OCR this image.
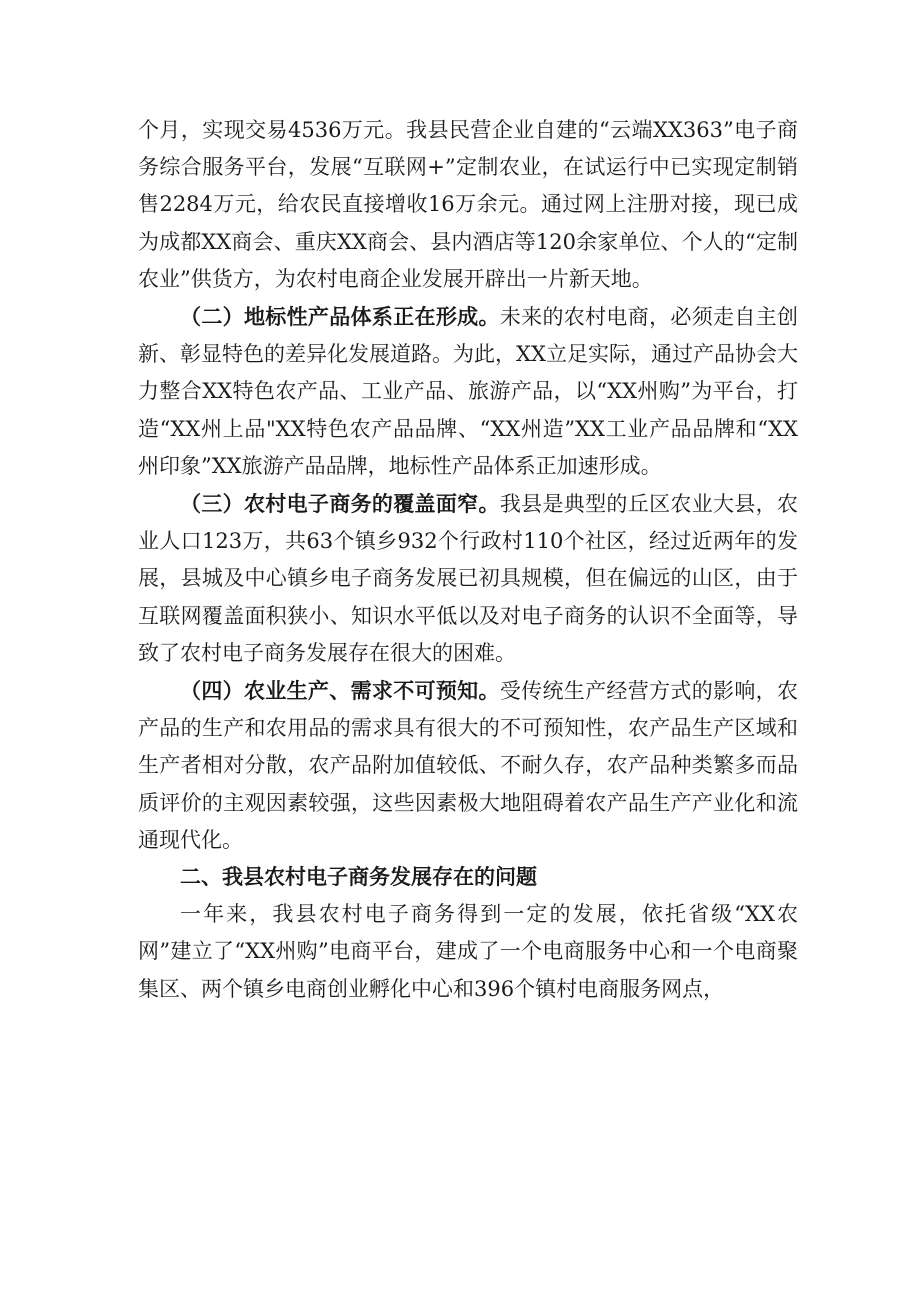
个月，实现交易4536万元。我县民营企业自建的“云端XX363”电子商务综合服务平台，发展“互联网+”定制农业，在试运行中已实现定制销售2284万元，给农民直接增收16万余元。通过网上注册对接，现已成为成都XX商会、重庆XX商会、县内酒店等120余家单位、个人的“定制农业”供货方，为农村电商企业发展开辟出一片新天地。

（二）地标性产品体系正在形成。未来的农村电商，必须走自主创新、彰显特色的差异化发展道路。为此，XX立足实际，通过产品协会大力整合XX特色农产品、工业产品、旅游产品，以“XX州购”为平台，打造“XX州上品"XX特色农产品品牌、“XX州造”XX工业产品品牌和“XX州印象”XX旅游产品品牌，地标性产品体系正加速形成。

（三）农村电子商务的覆盖面窄。我县是典型的丘区农业大县，农业人口123万，共63个镇乡932个行政村110个社区，经过近两年的发展，县城及中心镇乡电子商务发展已初具规模，但在偏远的山区，由于互联网覆盖面积狭小、知识水平低以及对电子商务的认识不全面等，导致了农村电子商务发展存在很大的困难。

（四）农业生产、需求不可预知。受传统生产经营方式的影响，农产品的生产和农用品的需求具有很大的不可预知性，农产品生产区域和生产者相对分散，农产品附加值较低、不耐久存，农产品种类繁多而品质评价的主观因素较强，这些因素极大地阻碍着农产品生产产业化和流通现代化。

二、我县农村电子商务发展存在的问题

一年来，我县农村电子商务得到一定的发展，依托省级“XX农网”建立了“XX州购”电商平台，建成了一个电商服务中心和一个电商聚集区、两个镇乡电商创业孵化中心和396个镇村电商服务网点，
